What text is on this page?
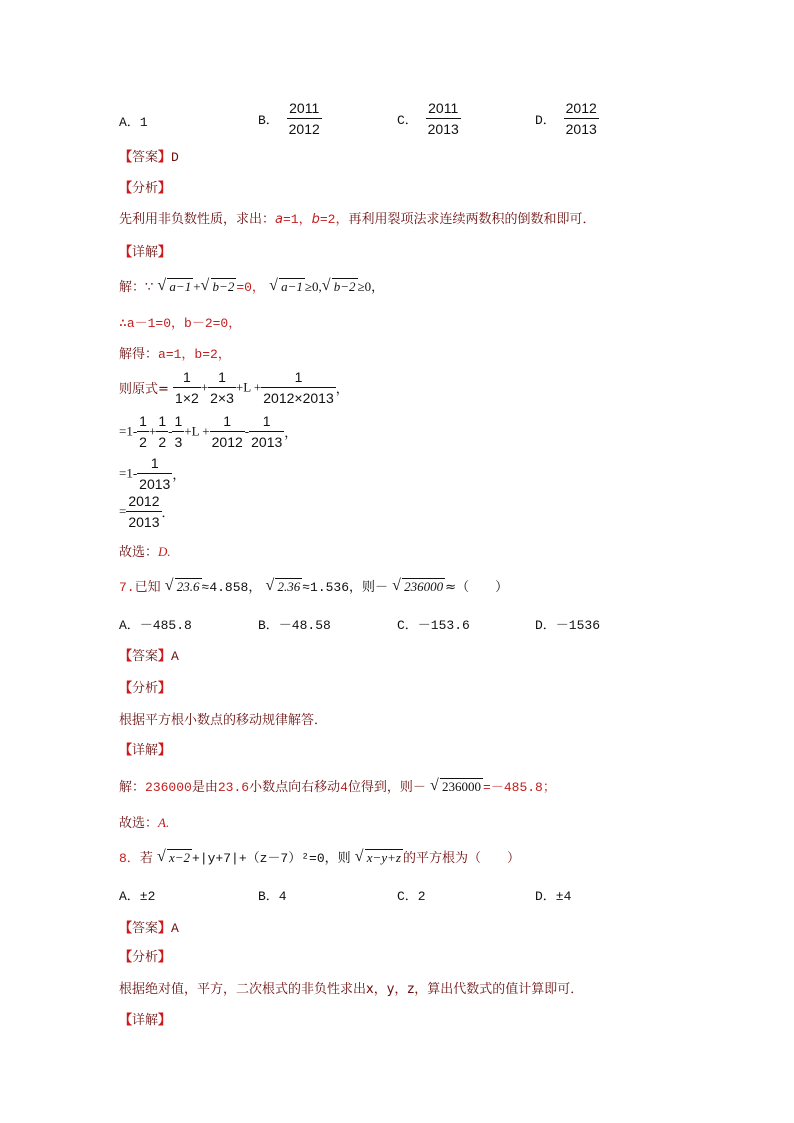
A．1	B． $\frac{2011}{2012}$	C． $\frac{2011}{2013}$	D． $\frac{2012}{2013}$
【答案】D
【分析】
先利用非负数性质，求出：a=1，b=2，再利用裂项法求连续两数积的倒数和即可．
【详解】
解：∵ √ a−1 + √ b−2 =0， √ a−1 ≥0, √ b−2 ≥0，
∴a－1=0，b－2=0，
解得：a=1，b=2，
则原式= $\frac{1}{1\times 2} + \frac{1}{2\times 3} +L + \frac{1}{2012\times 2013}$ ，
$=1- \frac{1}{2} + \frac{1}{2} - \frac{1}{3} +L + \frac{1}{2012} - \frac{1}{2013}$ ，
$=1- \frac{1}{2013}$ ，
= $\frac{2012}{2013}$ ．
故选：D.
7.已知 √ 23.6 ≈4.858， √ 2.36 ≈1.536，则－ √ 236000 ≈（　　）
A．－485.8	B．－48.58	C．－153.6	D．－1536
【答案】A
【分析】
根据平方根小数点的移动规律解答．
【详解】
解：236000是由23.6小数点向右移动4位得到，则－ √ 236000 =－485.8；
故选：A.
8．若 √ x−2 +|y+7|+（z－7）²=0，则 √ x−y+z 的平方根为（　　）
A．±2	B．4	C．2	D．±4
【答案】A
【分析】
根据绝对值，平方，二次根式的非负性求出x，y，z，算出代数式的值计算即可．
【详解】
